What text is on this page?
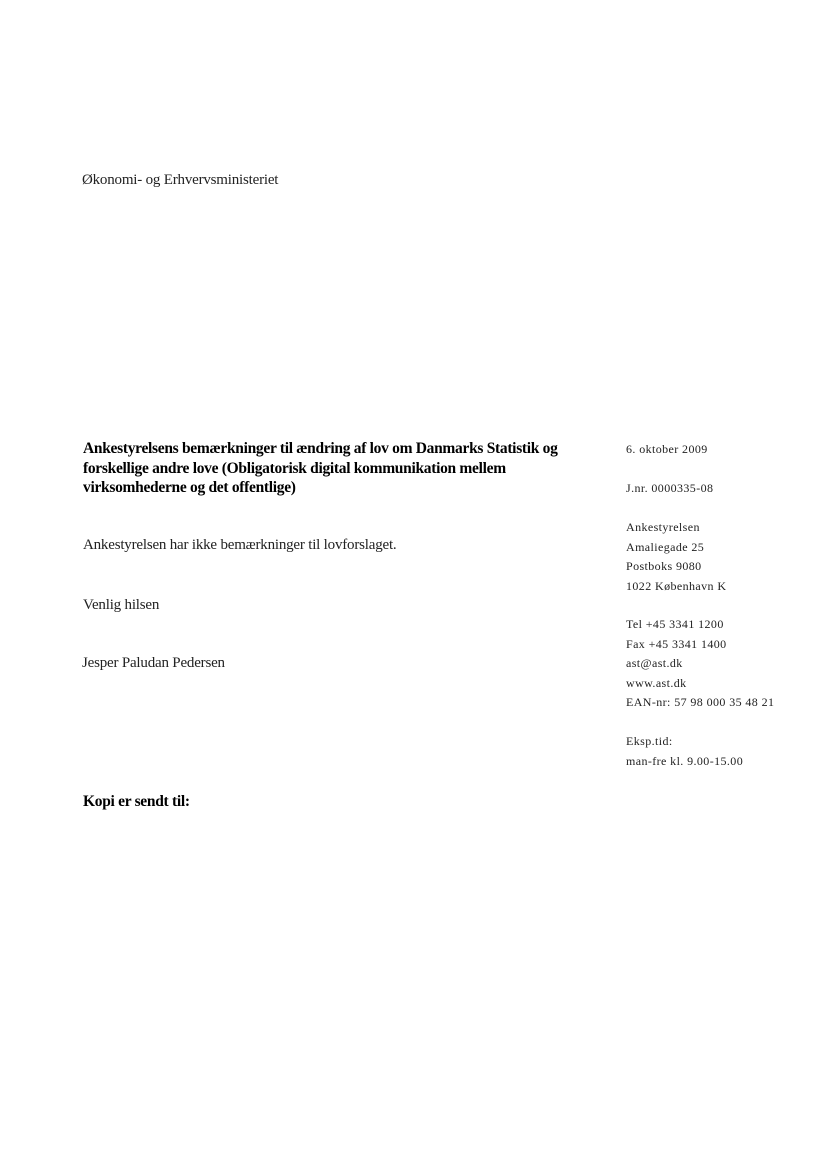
Økonomi- og Erhvervsministeriet

Ankestyrelsens bemærkninger til ændring af lov om Danmarks Statistik og
forskellige andre love (Obligatorisk digital kommunikation mellem
virksomhederne og det offentlige)

Ankestyrelsen har ikke bemærkninger til lovforslaget.

Venlig hilsen

Jesper Paludan Pedersen

Kopi er sendt til:

6. oktober 2009
J.nr. 0000335-08
Ankestyrelsen
Amaliegade 25
Postboks 9080
1022 København K
Tel +45 3341 1200
Fax +45 3341 1400
ast@ast.dk
www.ast.dk
EAN-nr: 57 98 000 35 48 21
Eksp.tid:
man-fre kl. 9.00-15.00
